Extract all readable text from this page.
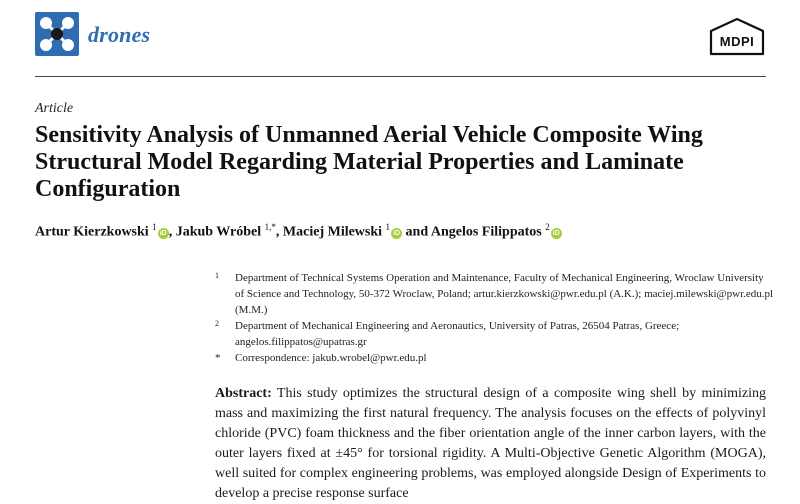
drones	MDPI
Article
Sensitivity Analysis of Unmanned Aerial Vehicle Composite Wing Structural Model Regarding Material Properties and Laminate Configuration
Artur Kierzkowski $^1$iD , Jakub Wróbel $^{1,*}$, Maciej Milewski $^1$iD and Angelos Filippatos $^2$iD
1 Department of Technical Systems Operation and Maintenance, Faculty of Mechanical Engineering, Wroclaw University of Science and Technology, 50-372 Wroclaw, Poland; artur.kierzkowski@pwr.edu.pl (A.K.); maciej.milewski@pwr.edu.pl (M.M.)
2 Department of Mechanical Engineering and Aeronautics, University of Patras, 26504 Patras, Greece; angelos.filippatos@upatras.gr
* Correspondence: jakub.wrobel@pwr.edu.pl

Abstract: This study optimizes the structural design of a composite wing shell by minimizing mass and maximizing the first natural frequency. The analysis focuses on the effects of polyvinyl chloride (PVC) foam thickness and the fiber orientation angle of the inner carbon layers, with the outer layers fixed at ±45° for torsional rigidity. A Multi-Objective Genetic Algorithm (MOGA), well suited for complex engineering problems, was employed alongside Design of Experiments to develop a precise response surface
